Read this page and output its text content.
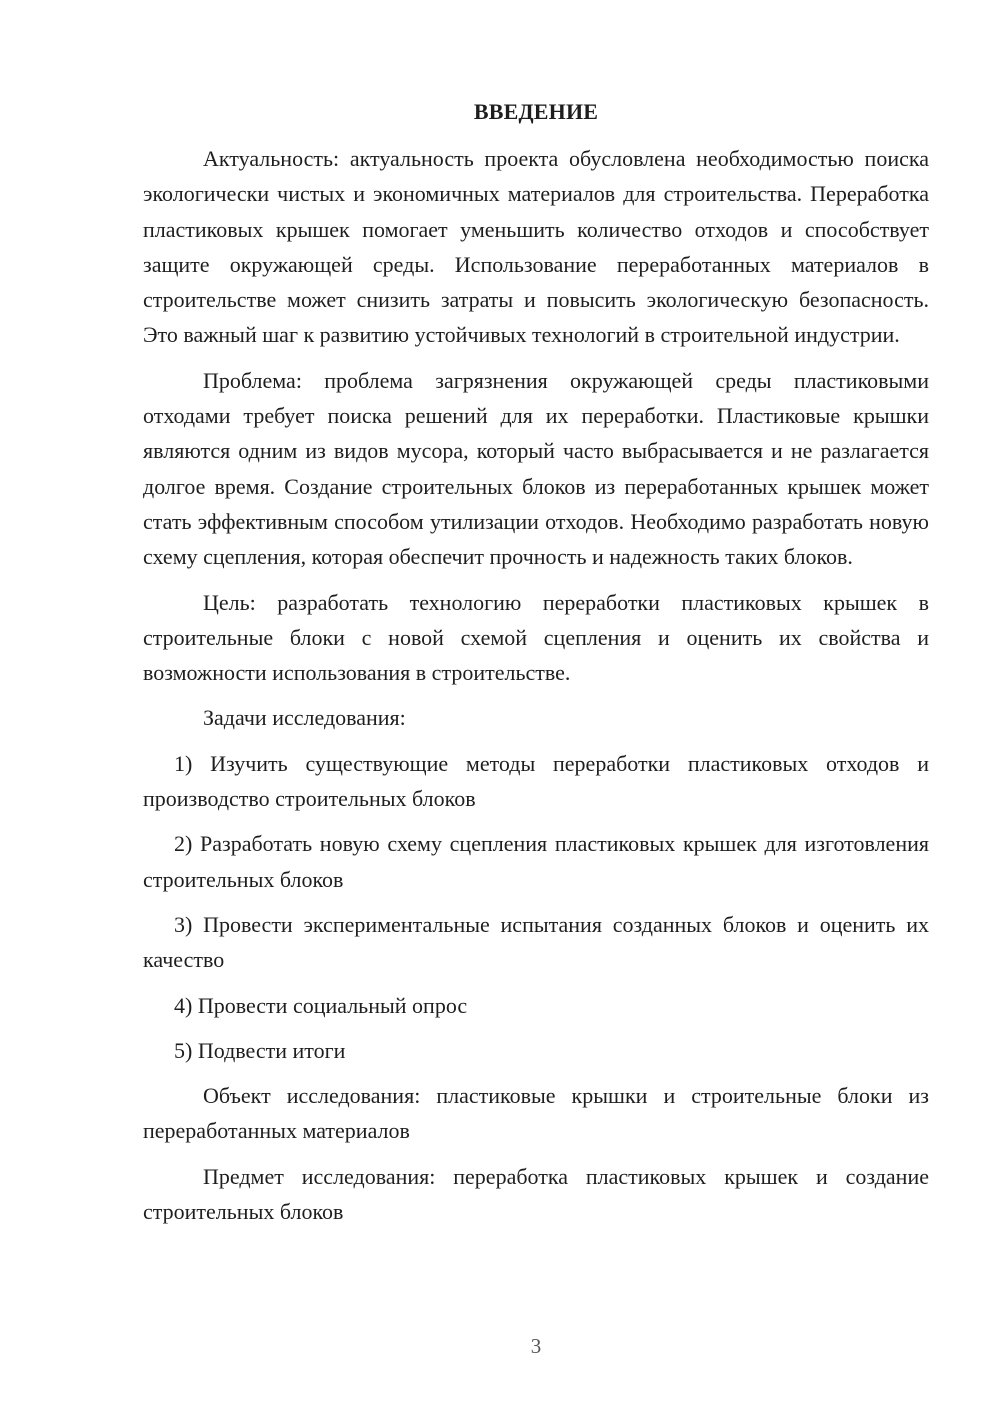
ВВЕДЕНИЕ

Актуальность: актуальность проекта обусловлена необходимостью поиска экологически чистых и экономичных материалов для строительства. Переработка пластиковых крышек помогает уменьшить количество отходов и способствует защите окружающей среды. Использование переработанных материалов в строительстве может снизить затраты и повысить экологическую безопасность. Это важный шаг к развитию устойчивых технологий в строительной индустрии.

Проблема: проблема загрязнения окружающей среды пластиковыми отходами требует поиска решений для их переработки. Пластиковые крышки являются одним из видов мусора, который часто выбрасывается и не разлагается долгое время. Создание строительных блоков из переработанных крышек может стать эффективным способом утилизации отходов. Необходимо разработать новую схему сцепления, которая обеспечит прочность и надежность таких блоков.

Цель: разработать технологию переработки пластиковых крышек в строительные блоки с новой схемой сцепления и оценить их свойства и возможности использования в строительстве.

Задачи исследования:

1) Изучить существующие методы переработки пластиковых отходов и производство строительных блоков

2) Разработать новую схему сцепления пластиковых крышек для изготовления строительных блоков

3) Провести экспериментальные испытания созданных блоков и оценить их качество

4) Провести социальный опрос

5) Подвести итоги

Объект исследования: пластиковые крышки и строительные блоки из переработанных материалов

Предмет исследования: переработка пластиковых крышек и создание строительных блоков

3
